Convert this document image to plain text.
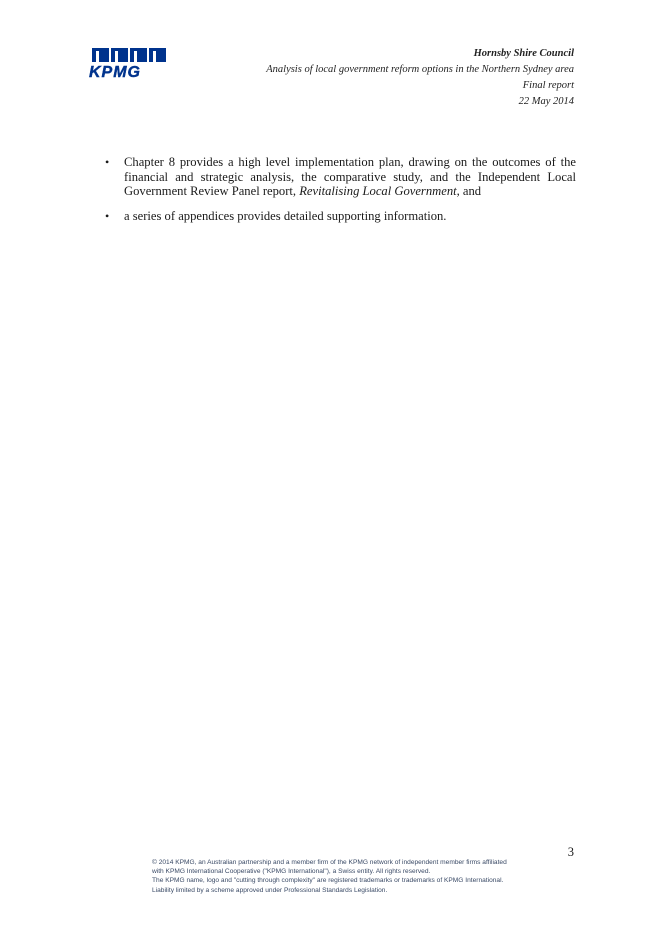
KPMG
Hornsby Shire Council
Analysis of local government reform options in the Northern Sydney area
Final report
22 May 2014
• Chapter 8 provides a high level implementation plan, drawing on the outcomes of the financial and strategic analysis, the comparative study, and the Independent Local Government Review Panel report, Revitalising Local Government, and
• a series of appendices provides detailed supporting information.
3
© 2014 KPMG, an Australian partnership and a member firm of the KPMG network of independent member firms affiliated
with KPMG International Cooperative ("KPMG International"), a Swiss entity. All rights reserved.
The KPMG name, logo and "cutting through complexity" are registered trademarks or trademarks of KPMG International.
Liability limited by a scheme approved under Professional Standards Legislation.
